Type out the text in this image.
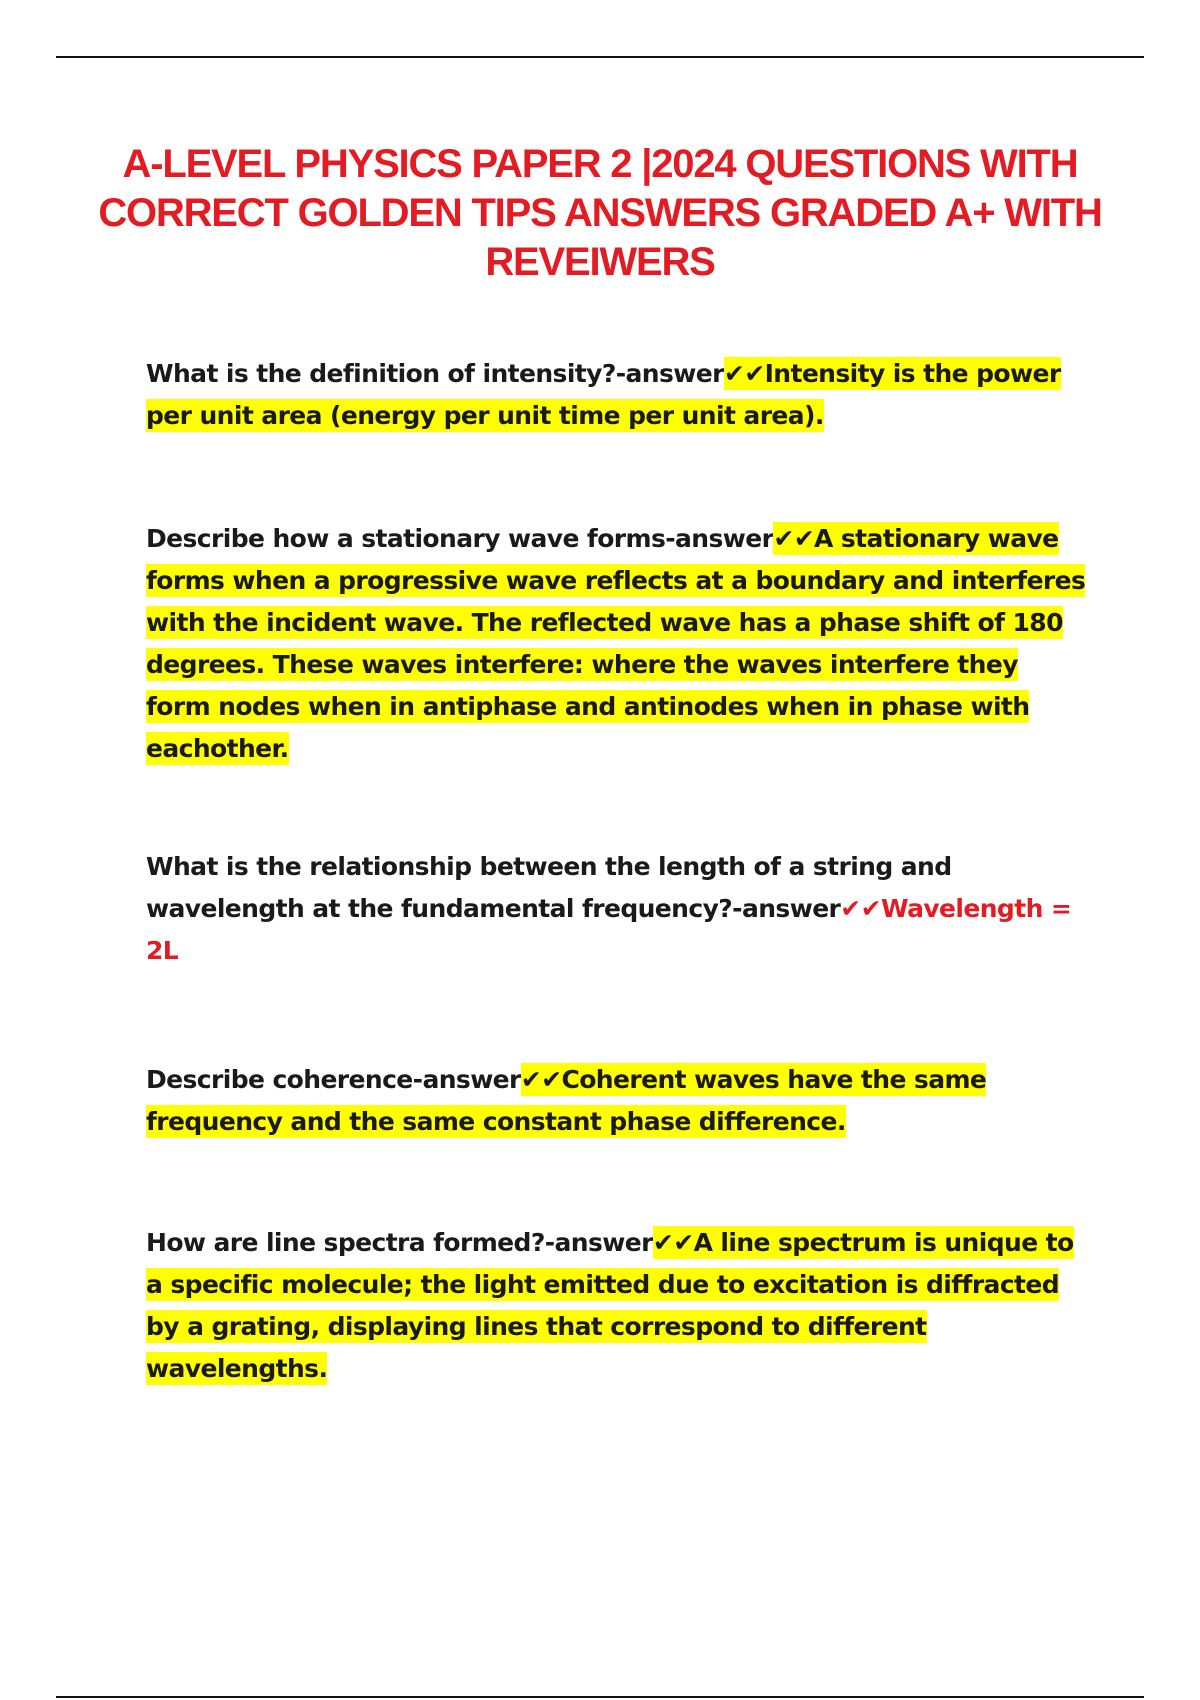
A-LEVEL PHYSICS PAPER 2 |2024 QUESTIONS WITH CORRECT GOLDEN TIPS ANSWERS GRADED A+ WITH REVEIWERS

What is the definition of intensity?-answer✔✔Intensity is the power per unit area (energy per unit time per unit area).

Describe how a stationary wave forms-answer✔✔A stationary wave forms when a progressive wave reflects at a boundary and interferes with the incident wave. The reflected wave has a phase shift of 180 degrees. These waves interfere: where the waves interfere they form nodes when in antiphase and antinodes when in phase with eachother.

What is the relationship between the length of a string and wavelength at the fundamental frequency?-answer✔✔Wavelength = 2L

Describe coherence-answer✔✔Coherent waves have the same frequency and the same constant phase difference.

How are line spectra formed?-answer✔✔A line spectrum is unique to a specific molecule; the light emitted due to excitation is diffracted by a grating, displaying lines that correspond to different wavelengths.
